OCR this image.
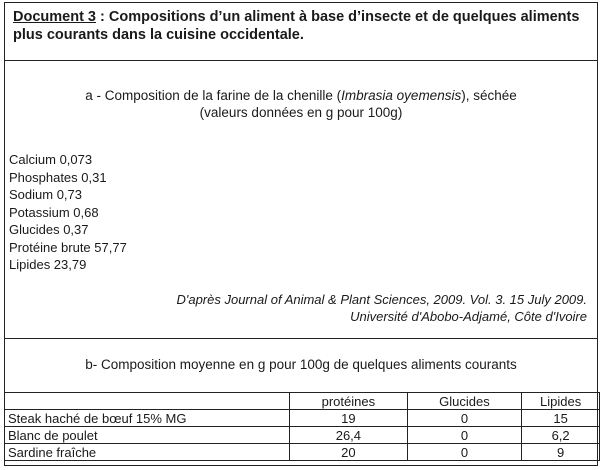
Document 3 : Compositions d’un aliment à base d’insecte et de quelques aliments plus courants dans la cuisine occidentale.
a - Composition de la farine de la chenille (Imbrasia oyemensis), séchée
(valeurs données en g pour 100g)
Calcium 0,073
Phosphates 0,31
Sodium 0,73
Potassium 0,68
Glucides 0,37
Protéine brute 57,77
Lipides 23,79
D'après Journal of Animal & Plant Sciences, 2009. Vol. 3. 15 July 2009.
Université d'Abobo-Adjamé, Côte d'Ivoire
b- Composition moyenne en g pour 100g de quelques aliments courants
	protéines	Glucides	Lipides
Steak haché de bœuf 15% MG	19	0	15
Blanc de poulet	26,4	0	6,2
Sardine fraîche	20	0	9
